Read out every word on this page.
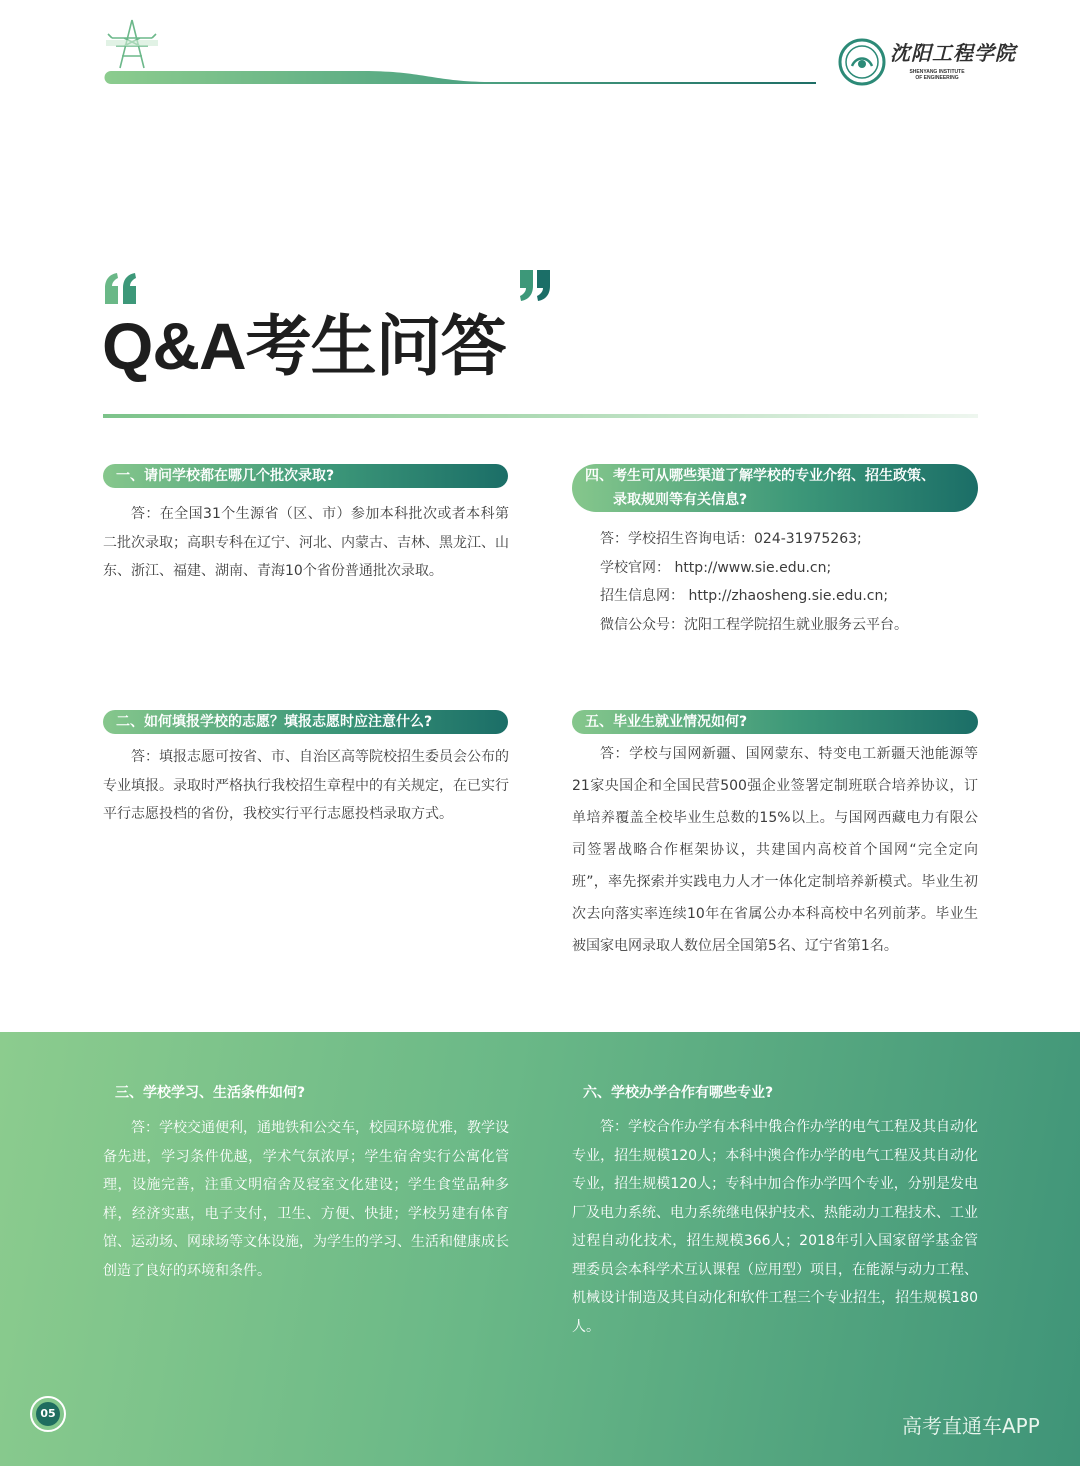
沈阳工程学院
SHENYANG INSTITUTE
OF ENGINEERING
Q&A考生问答
一、请问学校都在哪几个批次录取?
答：在全国31个生源省（区、市）参加本科批次或者本科第二批次录取；高职专科在辽宁、河北、内蒙古、吉林、黑龙江、山东、浙江、福建、湖南、青海10个省份普通批次录取。
二、如何填报学校的志愿？填报志愿时应注意什么?
答：填报志愿可按省、市、自治区高等院校招生委员会公布的专业填报。录取时严格执行我校招生章程中的有关规定，在已实行平行志愿投档的省份，我校实行平行志愿投档录取方式。
四、考生可从哪些渠道了解学校的专业介绍、招生政策、
录取规则等有关信息?
答：学校招生咨询电话：024-31975263;
学校官网： http://www.sie.edu.cn;
招生信息网： http://zhaosheng.sie.edu.cn;
微信公众号：沈阳工程学院招生就业服务云平台。
五、毕业生就业情况如何?
答：学校与国网新疆、国网蒙东、特变电工新疆天池能源等21家央国企和全国民营500强企业签署定制班联合培养协议，订单培养覆盖全校毕业生总数的15%以上。与国网西藏电力有限公司签署战略合作框架协议，共建国内高校首个国网“完全定向班”，率先探索并实践电力人才一体化定制培养新模式。毕业生初次去向落实率连续10年在省属公办本科高校中名列前茅。毕业生被国家电网录取人数位居全国第5名、辽宁省第1名。
三、学校学习、生活条件如何?
答：学校交通便利，通地铁和公交车，校园环境优雅，教学设备先进，学习条件优越，学术气氛浓厚；学生宿舍实行公寓化管理，设施完善，注重文明宿舍及寝室文化建设；学生食堂品种多样，经济实惠，电子支付，卫生、方便、快捷；学校另建有体育馆、运动场、网球场等文体设施，为学生的学习、生活和健康成长创造了良好的环境和条件。
六、学校办学合作有哪些专业?
答：学校合作办学有本科中俄合作办学的电气工程及其自动化专业，招生规模120人；本科中澳合作办学的电气工程及其自动化专业，招生规模120人；专科中加合作办学四个专业，分别是发电厂及电力系统、电力系统继电保护技术、热能动力工程技术、工业过程自动化技术，招生规模366人；2018年引入国家留学基金管理委员会本科学术互认课程（应用型）项目，在能源与动力工程、机械设计制造及其自动化和软件工程三个专业招生，招生规模180人。
05
高考直通车APP
